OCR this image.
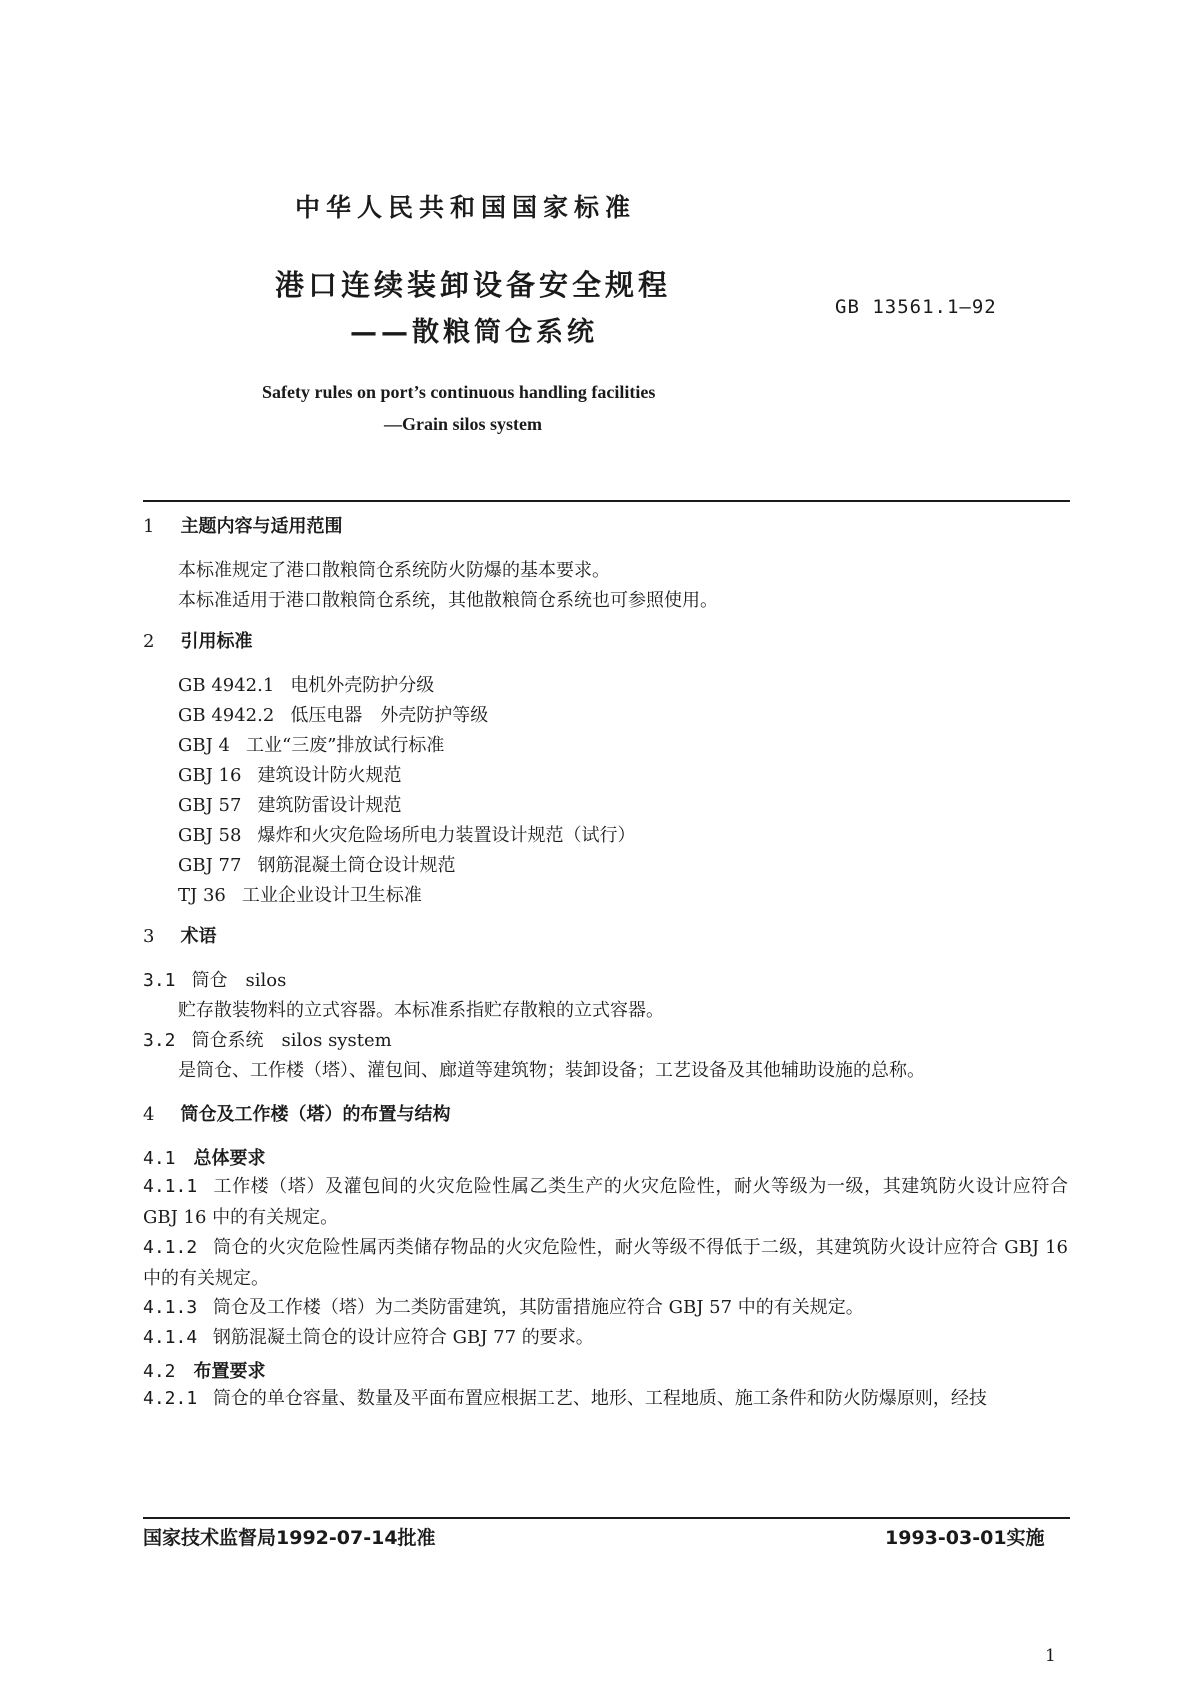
中华人民共和国国家标准
港口连续装卸设备安全规程
——散粮筒仓系统
GB 13561.1—92
Safety rules on port’s continuous handling facilities
—Grain silos system
1 主题内容与适用范围
本标准规定了港口散粮筒仓系统防火防爆的基本要求。
本标准适用于港口散粮筒仓系统，其他散粮筒仓系统也可参照使用。
2 引用标准
GB 4942.1 电机外壳防护分级
GB 4942.2 低压电器　外壳防护等级
GBJ 4 工业“三废”排放试行标准
GBJ 16 建筑设计防火规范
GBJ 57 建筑防雷设计规范
GBJ 58 爆炸和火灾危险场所电力装置设计规范（试行）
GBJ 77 钢筋混凝土筒仓设计规范
TJ 36 工业企业设计卫生标准
3 术语
3.1 筒仓 silos
贮存散装物料的立式容器。本标准系指贮存散粮的立式容器。
3.2 筒仓系统 silos system
是筒仓、工作楼（塔）、灌包间、廊道等建筑物；装卸设备；工艺设备及其他辅助设施的总称。
4 筒仓及工作楼（塔）的布置与结构
4.1 总体要求
4.1.1 工作楼（塔）及灌包间的火灾危险性属乙类生产的火灾危险性，耐火等级为一级，其建筑防火设计应符合 GBJ 16 中的有关规定。
4.1.2 筒仓的火灾危险性属丙类储存物品的火灾危险性，耐火等级不得低于二级，其建筑防火设计应符合 GBJ 16 中的有关规定。
4.1.3 筒仓及工作楼（塔）为二类防雷建筑，其防雷措施应符合 GBJ 57 中的有关规定。
4.1.4 钢筋混凝土筒仓的设计应符合 GBJ 77 的要求。
4.2 布置要求
4.2.1 筒仓的单仓容量、数量及平面布置应根据工艺、地形、工程地质、施工条件和防火防爆原则，经技
国家技术监督局1992-07-14批准	1993-03-01实施
1
